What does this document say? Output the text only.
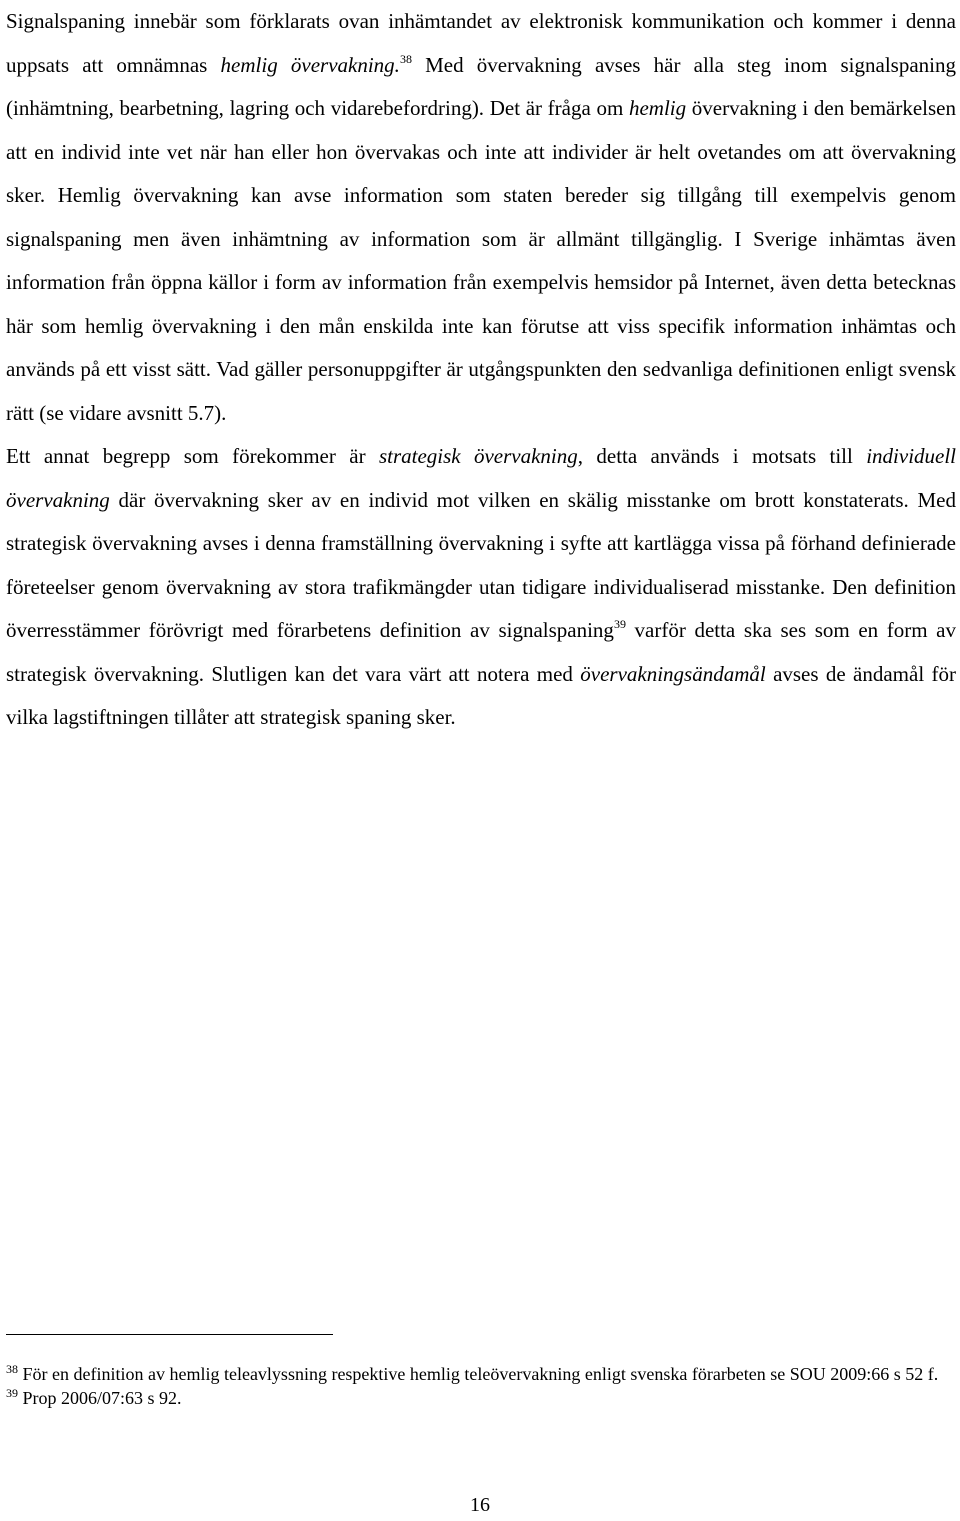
Signalspaning innebär som förklarats ovan inhämtandet av elektronisk kommunikation och kommer i denna uppsats att omnämnas hemlig övervakning.$^{38}$ Med övervakning avses här alla steg inom signalspaning (inhämtning, bearbetning, lagring och vidarebefordring). Det är fråga om hemlig övervakning i den bemärkelsen att en individ inte vet när han eller hon övervakas och inte att individer är helt ovetandes om att övervakning sker. Hemlig övervakning kan avse information som staten bereder sig tillgång till exempelvis genom signalspaning men även inhämtning av information som är allmänt tillgänglig. I Sverige inhämtas även information från öppna källor i form av information från exempelvis hemsidor på Internet, även detta betecknas här som hemlig övervakning i den mån enskilda inte kan förutse att viss specifik information inhämtas och används på ett visst sätt. Vad gäller personuppgifter är utgångspunkten den sedvanliga definitionen enligt svensk rätt (se vidare avsnitt 5.7).

Ett annat begrepp som förekommer är strategisk övervakning, detta används i motsats till individuell övervakning där övervakning sker av en individ mot vilken en skälig misstanke om brott konstaterats. Med strategisk övervakning avses i denna framställning övervakning i syfte att kartlägga vissa på förhand definierade företeelser genom övervakning av stora trafikmängder utan tidigare individualiserad misstanke. Den definition överresstämmer förövrigt med förarbetens definition av signalspaning$^{39}$ varför detta ska ses som en form av strategisk övervakning. Slutligen kan det vara värt att notera med övervakningsändamål avses de ändamål för vilka lagstiftningen tillåter att strategisk spaning sker.

$^{38}$ För en definition av hemlig teleavlyssning respektive hemlig teleövervakning enligt svenska förarbeten se SOU 2009:66 s 52 f.

$^{39}$ Prop 2006/07:63 s 92.

16
